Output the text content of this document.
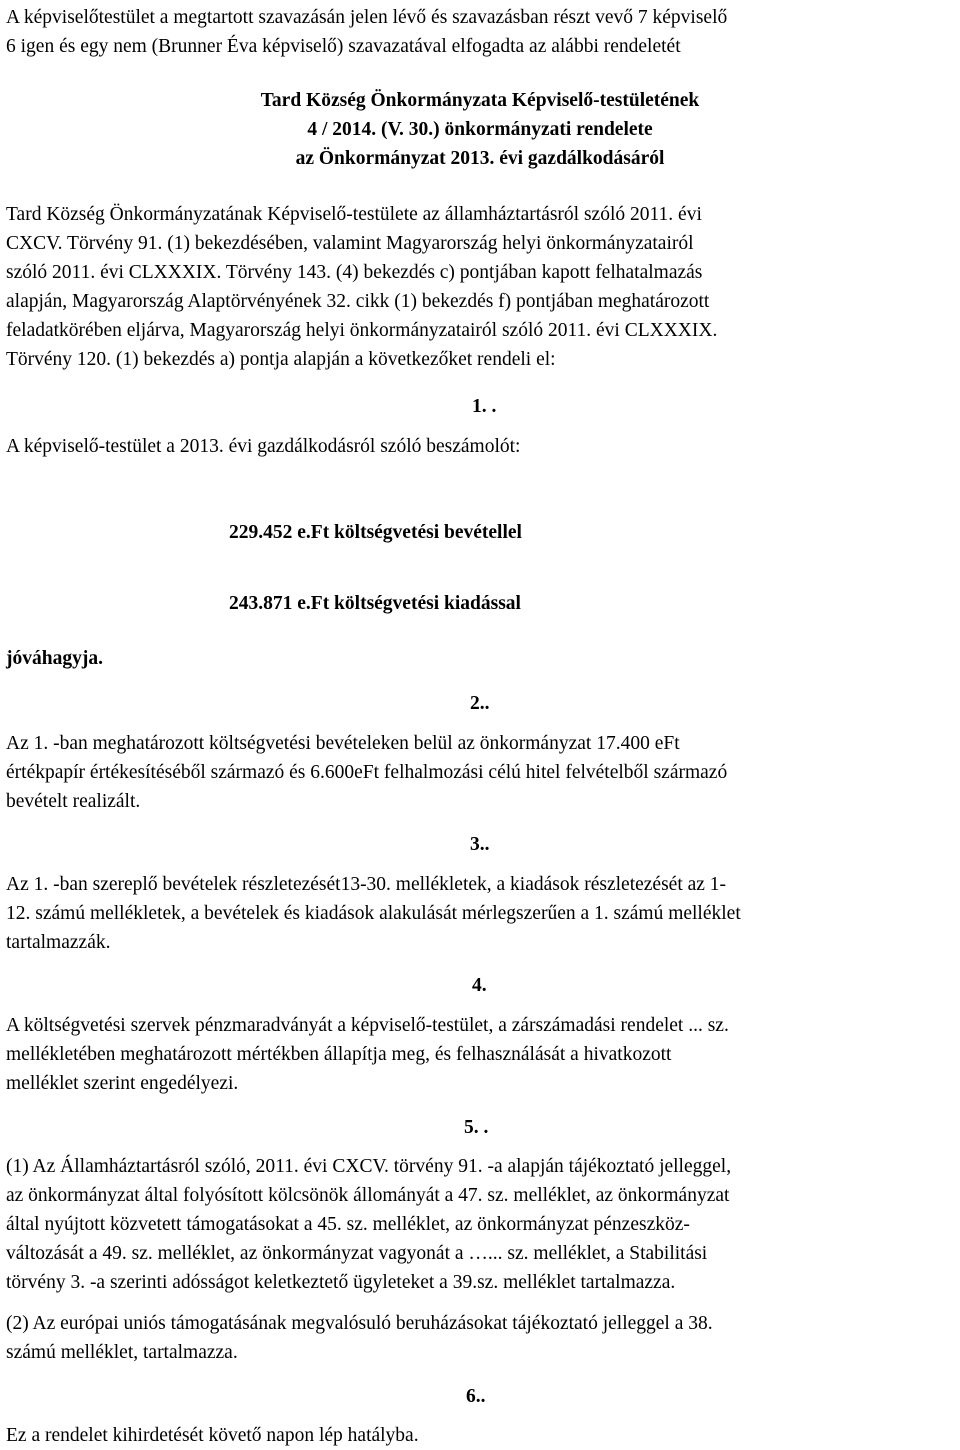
A képviselőtestület a megtartott szavazásán jelen lévő és szavazásban részt vevő 7 képviselő
6 igen és egy nem (Brunner Éva képviselő) szavazatával elfogadta az alábbi rendeletét
Tard Község Önkormányzata Képviselő-testületének
4 / 2014. (V. 30.) önkormányzati rendelete
az Önkormányzat 2013. évi gazdálkodásáról
Tard Község Önkormányzatának Képviselő-testülete az államháztartásról szóló 2011. évi
CXCV. Törvény 91. (1) bekezdésében, valamint Magyarország helyi önkormányzatairól
szóló 2011. évi CLXXXIX. Törvény 143. (4) bekezdés c) pontjában kapott felhatalmazás
alapján, Magyarország Alaptörvényének 32. cikk (1) bekezdés f) pontjában meghatározott
feladatkörében eljárva, Magyarország helyi önkormányzatairól szóló 2011. évi CLXXXIX.
Törvény 120. (1) bekezdés a) pontja alapján a következőket rendeli el:
1. .
A képviselő-testület a 2013. évi gazdálkodásról szóló beszámolót:
229.452 e.Ft költségvetési bevétellel
243.871 e.Ft költségvetési kiadással
jóváhagyja.
2..
Az 1. -ban meghatározott költségvetési bevételeken belül az önkormányzat 17.400 eFt
értékpapír értékesítéséből származó és 6.600eFt felhalmozási célú hitel felvételből származó
bevételt realizált.
3..
Az 1. -ban szereplő bevételek részletezését13-30. mellékletek, a kiadások részletezését az 1-
12. számú mellékletek, a bevételek és kiadások alakulását mérlegszerűen a 1. számú melléklet
tartalmazzák.
4.
A költségvetési szervek pénzmaradványát a képviselő-testület, a zárszámadási rendelet ... sz.
mellékletében meghatározott mértékben állapítja meg, és felhasználását a hivatkozott
melléklet szerint engedélyezi.
5. .
(1) Az Államháztartásról szóló, 2011. évi CXCV. törvény 91. -a alapján tájékoztató jelleggel,
az önkormányzat által folyósított kölcsönök állományát a 47. sz. melléklet, az önkormányzat
által nyújtott közvetett támogatásokat a 45. sz. melléklet, az önkormányzat pénzeszköz-
változását a 49. sz. melléklet, az önkormányzat vagyonát a …... sz. melléklet, a Stabilitási
törvény 3. -a szerinti adósságot keletkeztető ügyleteket a 39.sz. melléklet tartalmazza.
(2) Az európai uniós támogatásának megvalósuló beruházásokat tájékoztató jelleggel a 38.
számú melléklet, tartalmazza.
6..
Ez a rendelet kihirdetését követő napon lép hatályba.
